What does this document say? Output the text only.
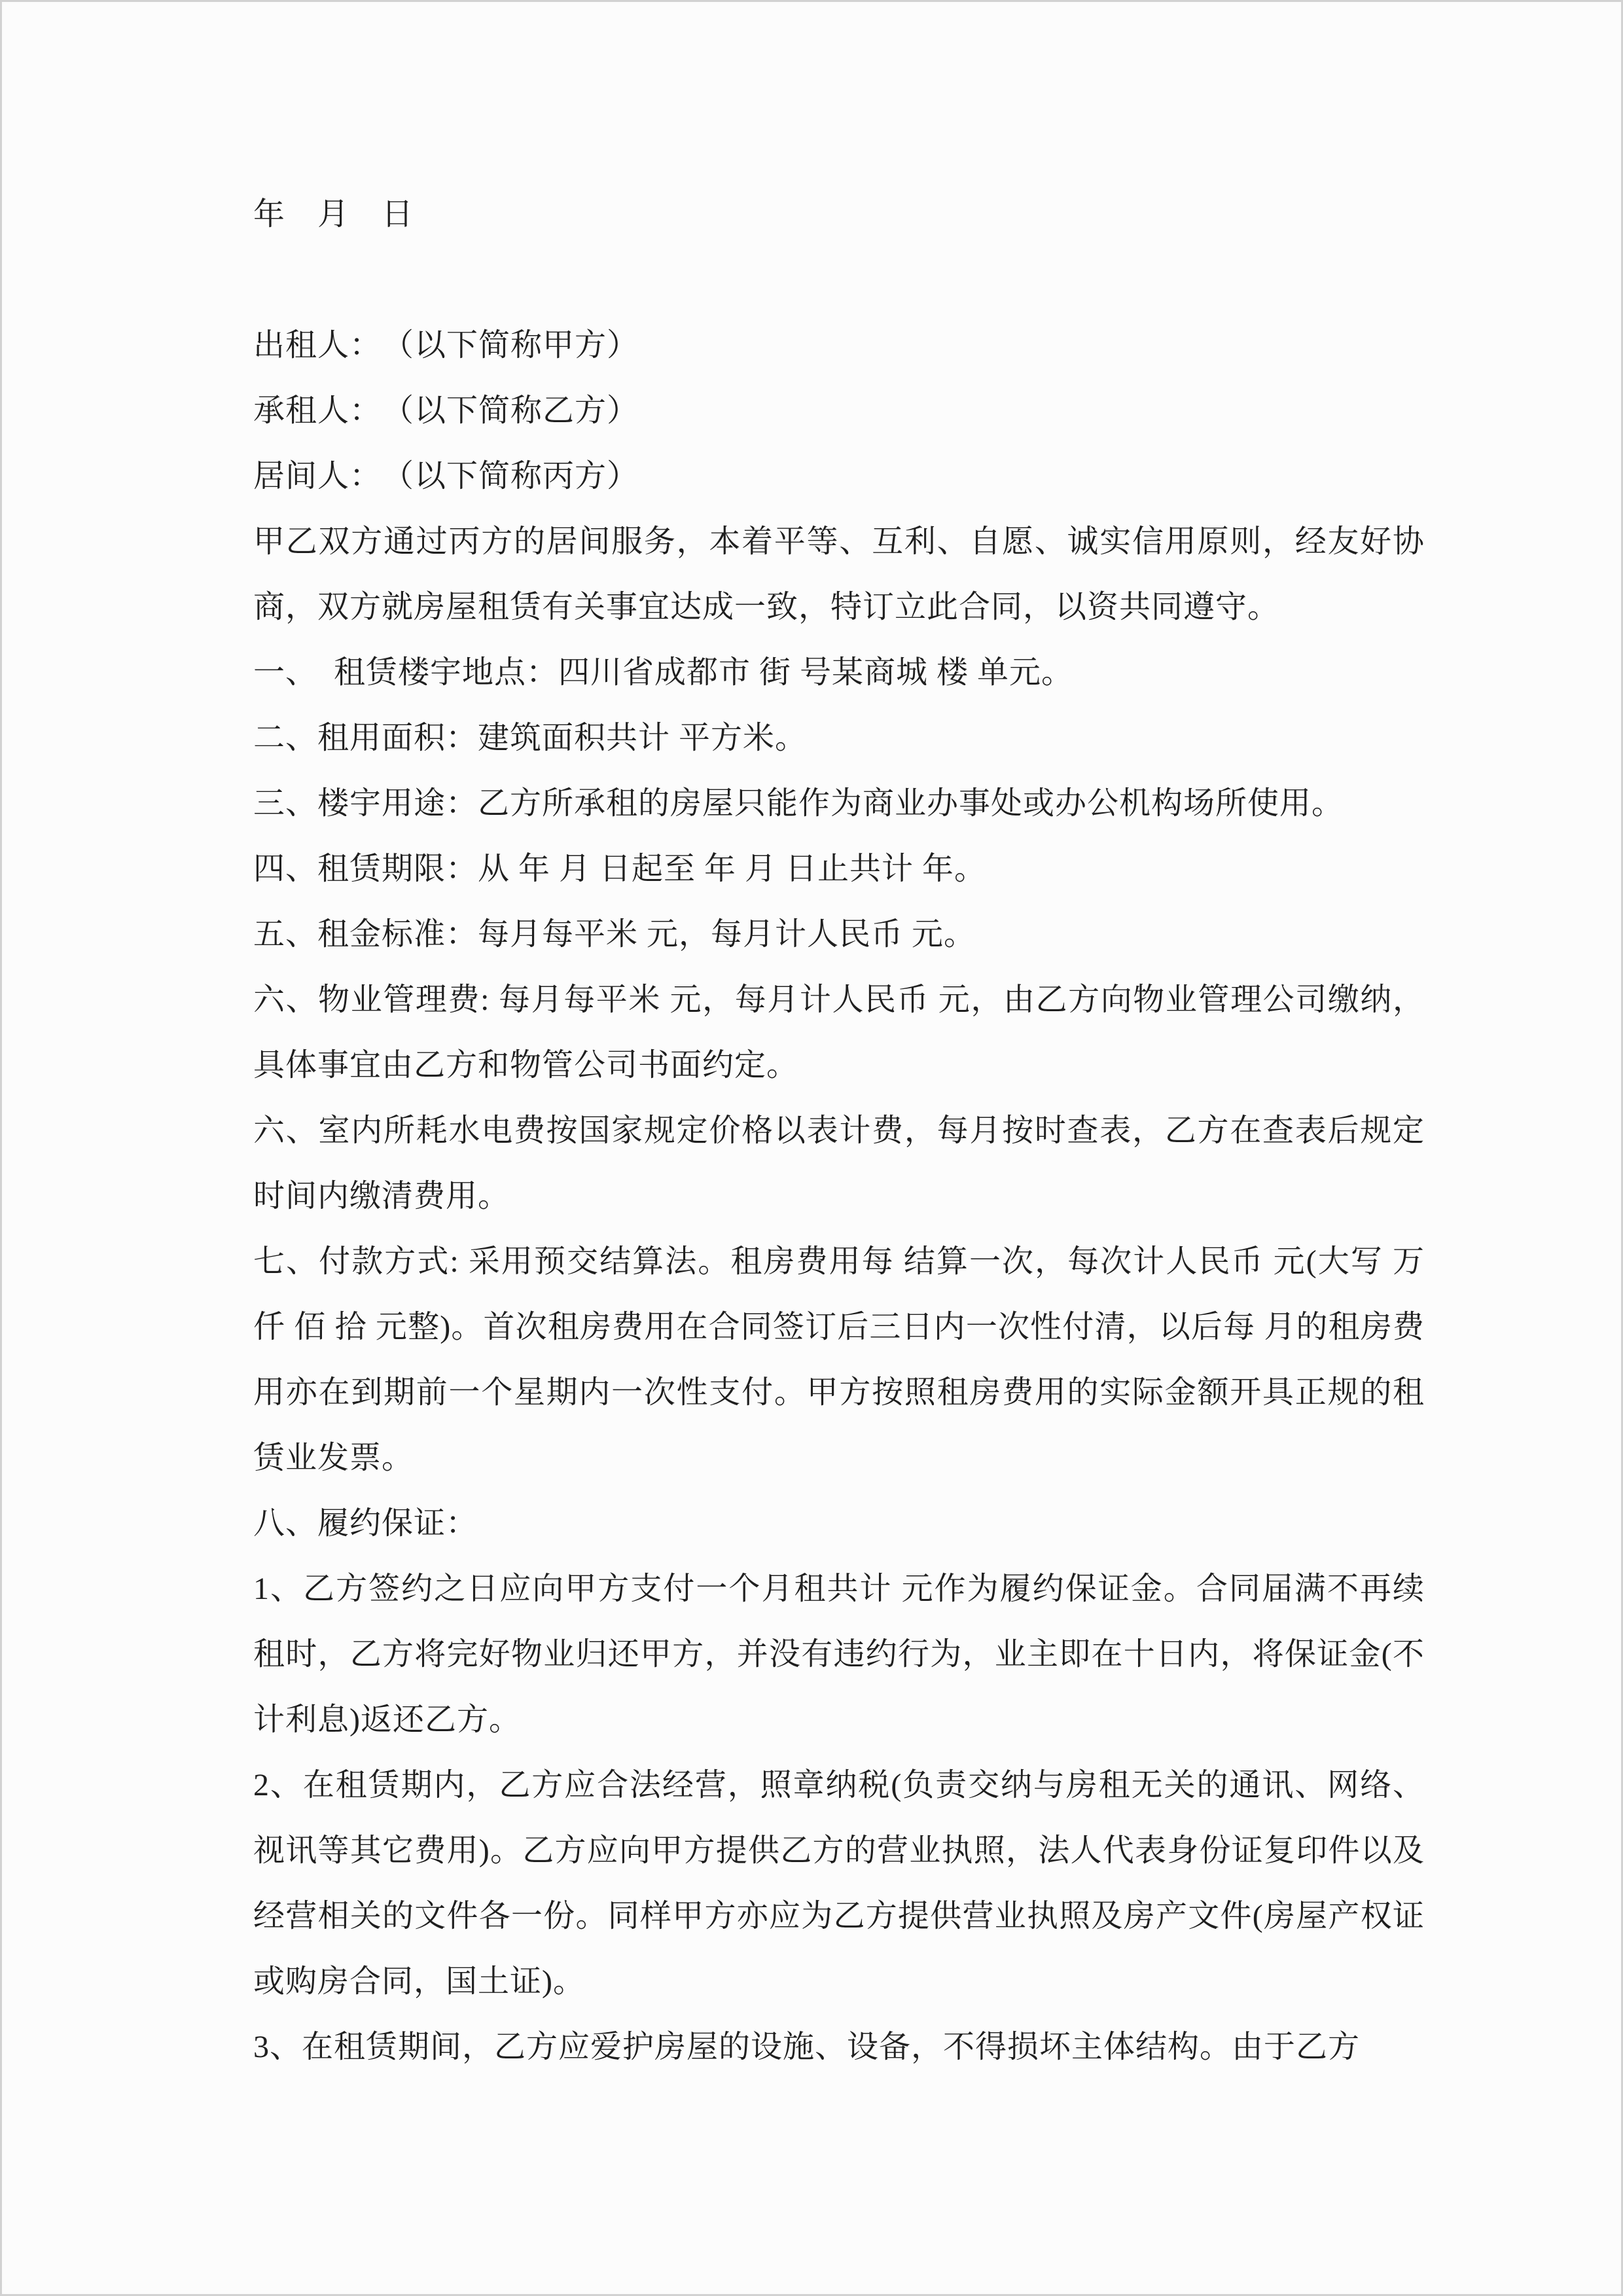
年　月　日

出租人：　（以下简称甲方）

承租人：　（以下简称乙方）

居间人：　（以下简称丙方）

甲乙双方通过丙方的居间服务，本着平等、互利、自愿、诚实信用原则，经友好协商，双方就房屋租赁有关事宜达成一致，特订立此合同，以资共同遵守。

一、　租赁楼宇地点：四川省成都市 街 号某商城 楼 单元。

二、租用面积：建筑面积共计 平方米。

三、楼宇用途：乙方所承租的房屋只能作为商业办事处或办公机构场所使用。

四、租赁期限：从 年 月 日起至 年 月 日止共计 年。

五、租金标准：每月每平米 元，每月计人民币 元。

六、物业管理费: 每月每平米 元，每月计人民币 元，由乙方向物业管理公司缴纳，具体事宜由乙方和物管公司书面约定。

六、室内所耗水电费按国家规定价格以表计费，每月按时查表，乙方在查表后规定时间内缴清费用。

七、付款方式: 采用预交结算法。租房费用每 结算一次，每次计人民币 元(大写 万 仟 佰 拾 元整)。首次租房费用在合同签订后三日内一次性付清，以后每 月的租房费用亦在到期前一个星期内一次性支付。甲方按照租房费用的实际金额开具正规的租赁业发票。

八、履约保证：

1、乙方签约之日应向甲方支付一个月租共计 元作为履约保证金。合同届满不再续租时，乙方将完好物业归还甲方，并没有违约行为，业主即在十日内，将保证金(不计利息)返还乙方。

2、在租赁期内，乙方应合法经营，照章纳税(负责交纳与房租无关的通讯、网络、视讯等其它费用)。乙方应向甲方提供乙方的营业执照，法人代表身份证复印件以及经营相关的文件各一份。同样甲方亦应为乙方提供营业执照及房产文件(房屋产权证或购房合同，国土证)。

3、在租赁期间，乙方应爱护房屋的设施、设备，不得损坏主体结构。由于乙方
